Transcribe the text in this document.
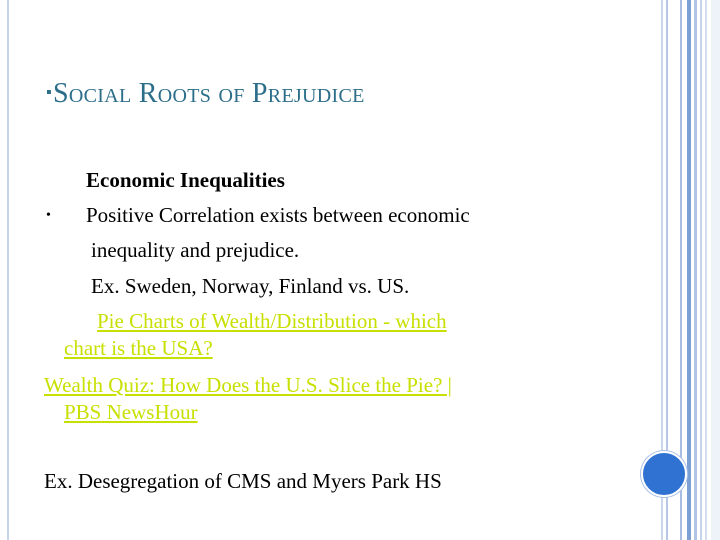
▪Social Roots of Prejudice
Economic Inequalities
• Positive Correlation exists between economic
inequality and prejudice.
Ex. Sweden, Norway, Finland vs. US.
Pie Charts of Wealth/Distribution - which
chart is the USA?
Wealth Quiz: How Does the U.S. Slice the Pie? |
PBS NewsHour
Ex. Desegregation of CMS and Myers Park HS
